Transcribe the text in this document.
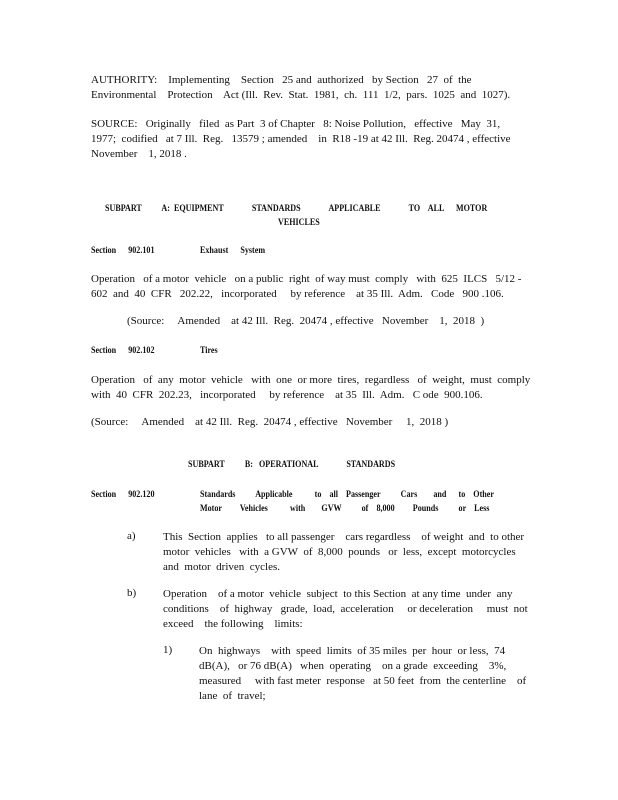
AUTHORITY:    Implementing    Section   25 and  authorized   by Section   27  of  the
Environmental    Protection    Act (Ill.  Rev.  Stat.  1981,  ch.  111  1/2,  pars.  1025  and  1027).
SOURCE:   Originally   filed  as Part  3 of Chapter   8: Noise Pollution,   effective   May  31,
1977;  codified   at 7 Ill.  Reg.   13579 ; amended    in  R18 -19 at 42 Ill.  Reg. 20474 , effective
November    1, 2018 .
SUBPART          A:  EQUIPMENT              STANDARDS              APPLICABLE              TO    ALL      MOTOR
VEHICLES
Section      902.101	Exhaust      System
Operation   of a motor  vehicle   on a public  right  of way must  comply   with  625  ILCS   5/12 -
602  and  40  CFR   202.22,   incorporated     by reference    at 35 Ill.  Adm.   Code   900 .106.
(Source:     Amended    at 42 Ill.  Reg.  20474 , effective   November    1,  2018  )
Section      902.102	Tires
Operation   of  any  motor  vehicle   with  one  or more  tires,  regardless   of  weight,  must  comply
with  40  CFR  202.23,   incorporated     by reference    at 35  Ill.  Adm.   C ode  900.106.
(Source:     Amended    at 42 Ill.  Reg.  20474 , effective   November     1,  2018 )
SUBPART          B:   OPERATIONAL              STANDARDS
Section      902.120	Standards          Applicable           to    all    Passenger          Cars        and      to    Other
Motor         Vehicles           with        GVW          of    8,000         Pounds          or    Less
a) This  Section  applies   to all passenger    cars regardless    of weight  and  to other
motor  vehicles   with  a GVW  of  8,000  pounds   or  less,  except  motorcycles
and  motor  driven  cycles.
b) Operation    of a motor  vehicle  subject  to this Section  at any time  under  any
conditions    of  highway   grade,  load,  acceleration     or deceleration     must  not
exceed    the following    limits:
1) On  highways    with  speed  limits  of 35 miles  per  hour  or less,  74
dB(A),   or 76 dB(A)   when  operating    on a grade  exceeding    3%,
measured     with fast meter  response   at 50 feet  from  the centerline    of
lane  of  travel;
